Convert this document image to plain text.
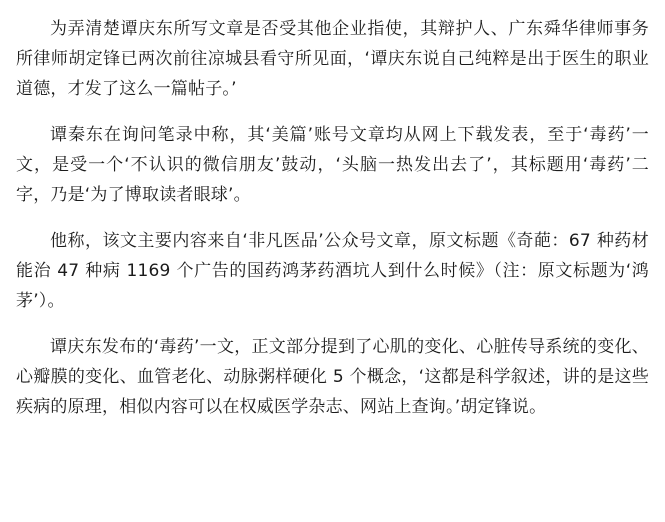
为弄清楚谭庆东所写文章是否受其他企业指使，其辩护人、广东舜华律师事务所律师胡定锋已两次前往凉城县看守所见面，‘谭庆东说自己纯粹是出于医生的职业道德，才发了这么一篇帖子。’

谭秦东在询问笔录中称，其‘美篇’账号文章均从网上下载发表，至于‘毒药’一文，是受一个‘不认识的微信朋友’鼓动，‘头脑一热发出去了’，其标题用‘毒药’二字，乃是‘为了博取读者眼球’。

他称，该文主要内容来自‘非凡医品’公众号文章，原文标题《奇葩：67 种药材能治 47 种病 1169 个广告的国药鸿茅药酒坑人到什么时候》（注：原文标题为‘鸿茅’）。

谭庆东发布的‘毒药’一文，正文部分提到了心肌的变化、心脏传导系统的变化、心瓣膜的变化、血管老化、动脉粥样硬化 5 个概念，‘这都是科学叙述，讲的是这些疾病的原理，相似内容可以在权威医学杂志、网站上查询。’胡定锋说。
